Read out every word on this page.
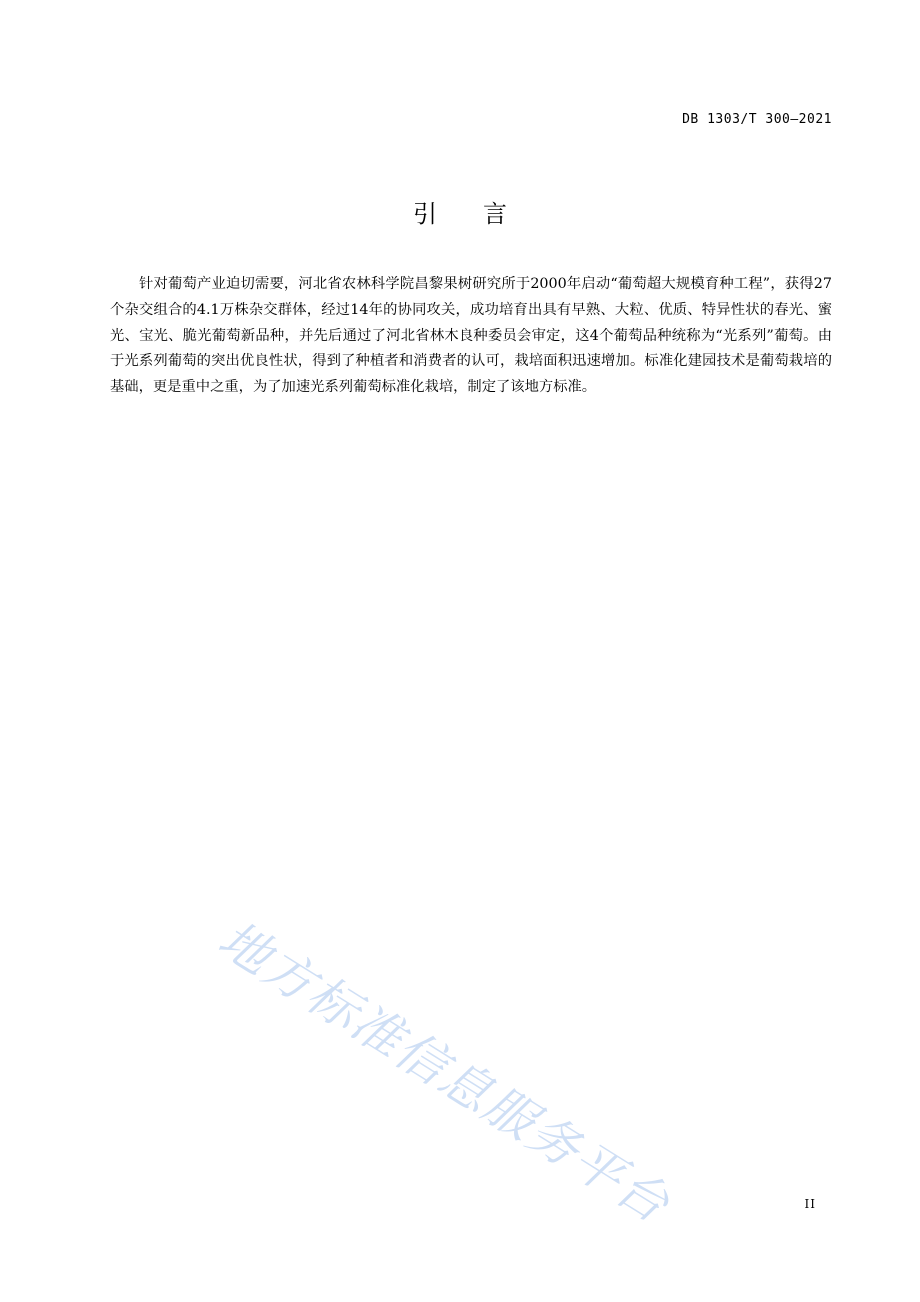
DB 1303/T 300—2021
引言

针对葡萄产业迫切需要，河北省农林科学院昌黎果树研究所于2000年启动“葡萄超大规模育种工程”，获得27个杂交组合的4.1万株杂交群体，经过14年的协同攻关，成功培育出具有早熟、大粒、优质、特异性状的春光、蜜光、宝光、脆光葡萄新品种，并先后通过了河北省林木良种委员会审定，这4个葡萄品种统称为“光系列”葡萄。由于光系列葡萄的突出优良性状，得到了种植者和消费者的认可，栽培面积迅速增加。标准化建园技术是葡萄栽培的基础，更是重中之重，为了加速光系列葡萄标准化栽培，制定了该地方标准。

地方标准信息服务平台	II
